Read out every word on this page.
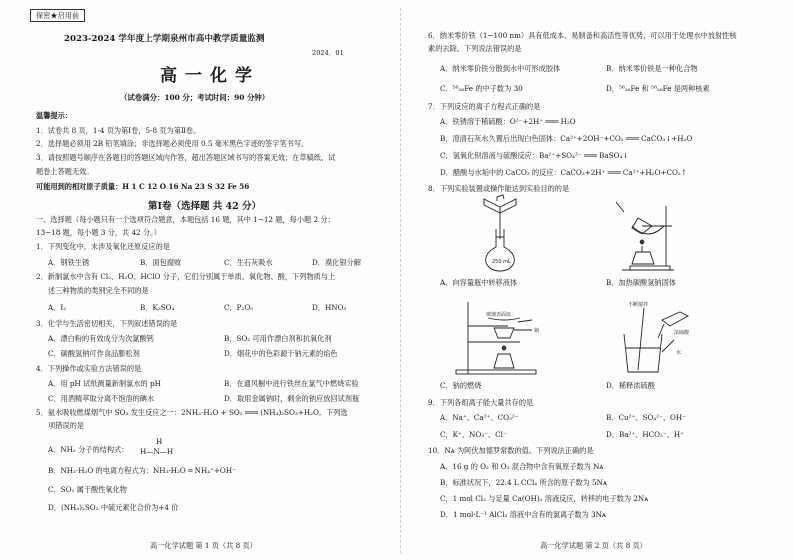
保密★启用前
2023-2024 学年度上学期泉州市高中教学质量监测
2024．01
高一化学
（试卷满分：100 分；考试时间：90 分钟）
温馨提示：
1．试卷共 8 页，1-4 页为第Ⅰ卷，5-8 页为第Ⅱ卷。
2．选择题必须用 2B 铅笔填涂；非选择题必须使用 0.5 毫米黑色字迹的签字笔书写。
3．请按照题号顺序在各题目的答题区域内作答，超出答题区域书写的答案无效；在草稿纸、试
题卷上答题无效。
可能用到的相对原子质量：H 1 C 12 O 16 Na 23 S 32 Fe 56
第Ⅰ卷（选择题 共 42 分）
一、选择题（每小题只有一个选项符合题意，本题包括 16 题，其中 1~12 题，每小题 2 分；
13~18 题，每小题 3 分，共 42 分。）
1．下列变化中，未涉及氧化还原反应的是
A．钢铁生锈	B．面包腐败	C．生石灰吸水	D．漠化银分解
2．新制氯水中含有 Cl₂、H₂O、HClO 分子，它们分别属于单质、氧化物、酸，下列物质与上
述三种物质的类别完全不同的是
A．I₂	B．K₂SO₄	C．P₂O₅	D．HNO₃
3．化学与生活密切相关，下列叙述错误的是
A．漂白粉的有效成分为次氯酸钙	B．SO₂ 可用作漂白剂和抗氧化剂
C．碳酸氢钠可作食品膨松剂	D．烟花中的色彩源于钠元素的焰色
4．下列操作或实验方法错误的是
A．用 pH 试纸测量新制氯水的 pH	B．在通风橱中进行铁丝在氯气中燃烧实验
C．用酒精萃取分离不饱溶的碘水	D．取用金属钠时，剩余的钠应放回试剂瓶
5．氨水吸收燃煤烟气中 SO₂ 发生反应之一：2NH₃·H₂O + SO₂ ═══ (NH₄)₂SO₃+H₂O。下列选
项错误的是
A．NH₃ 分子的结构式：
H
H—N—H
B．NH₃·H₂O 的电离方程式为：NH₃·H₂O ═ NH₄⁺+OH⁻
C．SO₂ 属于酸性氧化物
D．(NH₄)₂SO₃ 中硫元素化合价为+4 价
高一化学试题 第 1 页（共 8 页）
6．纳米零价铁（1~100 nm）具有低成本、易制备和高活性等优势，可以用于处理水中放射性核
素的去除。下列说法错误的是
A．纳米零价铁分散到水中可形成胶体	B．纳米零价铁是一种化合物
C．⁵⁶₂₆Fe 的中子数为 30	D．⁵⁶₂₆Fe 和 ⁵⁸₂₆Fe 是两种核素
7．下列反应的离子方程式正确的是
A．铁锈溶于稀硫酸：O²⁻+2H⁺ ═══ H₂O
B．澄清石灰水久置后出现白色固体：Ca²⁺+2OH⁻+CO₂ ═══ CaCO₃↓+H₂O
C．氢氧化钡溶液与硫酸反应：Ba²⁺+SO₄²⁻ ═══ BaSO₄↓
D．醋酸与水垢中的 CaCO₃ 的反应：CaCO₃+2H⁺ ═══ Ca²⁺+H₂O+CO₂↑
8．下列实验装置或操作能达到实验目的的是
250 mL
A．向容量瓶中转移液体	B．加热碳酸氢钠固体
玻璃表面皿
钠
不断搅拌
浓硫酸
水
C．钠的燃烧	D．稀释浓硫酸
9．下列各组离子能大量共存的是
A．Na⁺、Ca²⁺、CO₃²⁻	B．Cu²⁺、SO₄²⁻、OH⁻
C．K⁺、NO₃⁻、Cl⁻	D．Ba²⁺、HCO₃⁻、H⁺
10．Nᴀ 为阿伏加德罗常数的值。下列说法正确的是
A．16 g 的 O₂ 和 O₃ 混合物中含有氧原子数为 Nᴀ
B．标准状况下，22.4 L CCl₄ 所含的原子数为 5Nᴀ
C．1 mol Cl₂ 与足量 Ca(OH)₂ 溶液反应，转移的电子数为 2Nᴀ
D．1 mol·L⁻¹ AlCl₃ 溶液中含有的氯离子数为 3Nᴀ
高一化学试题 第 2 页（共 8 页）
